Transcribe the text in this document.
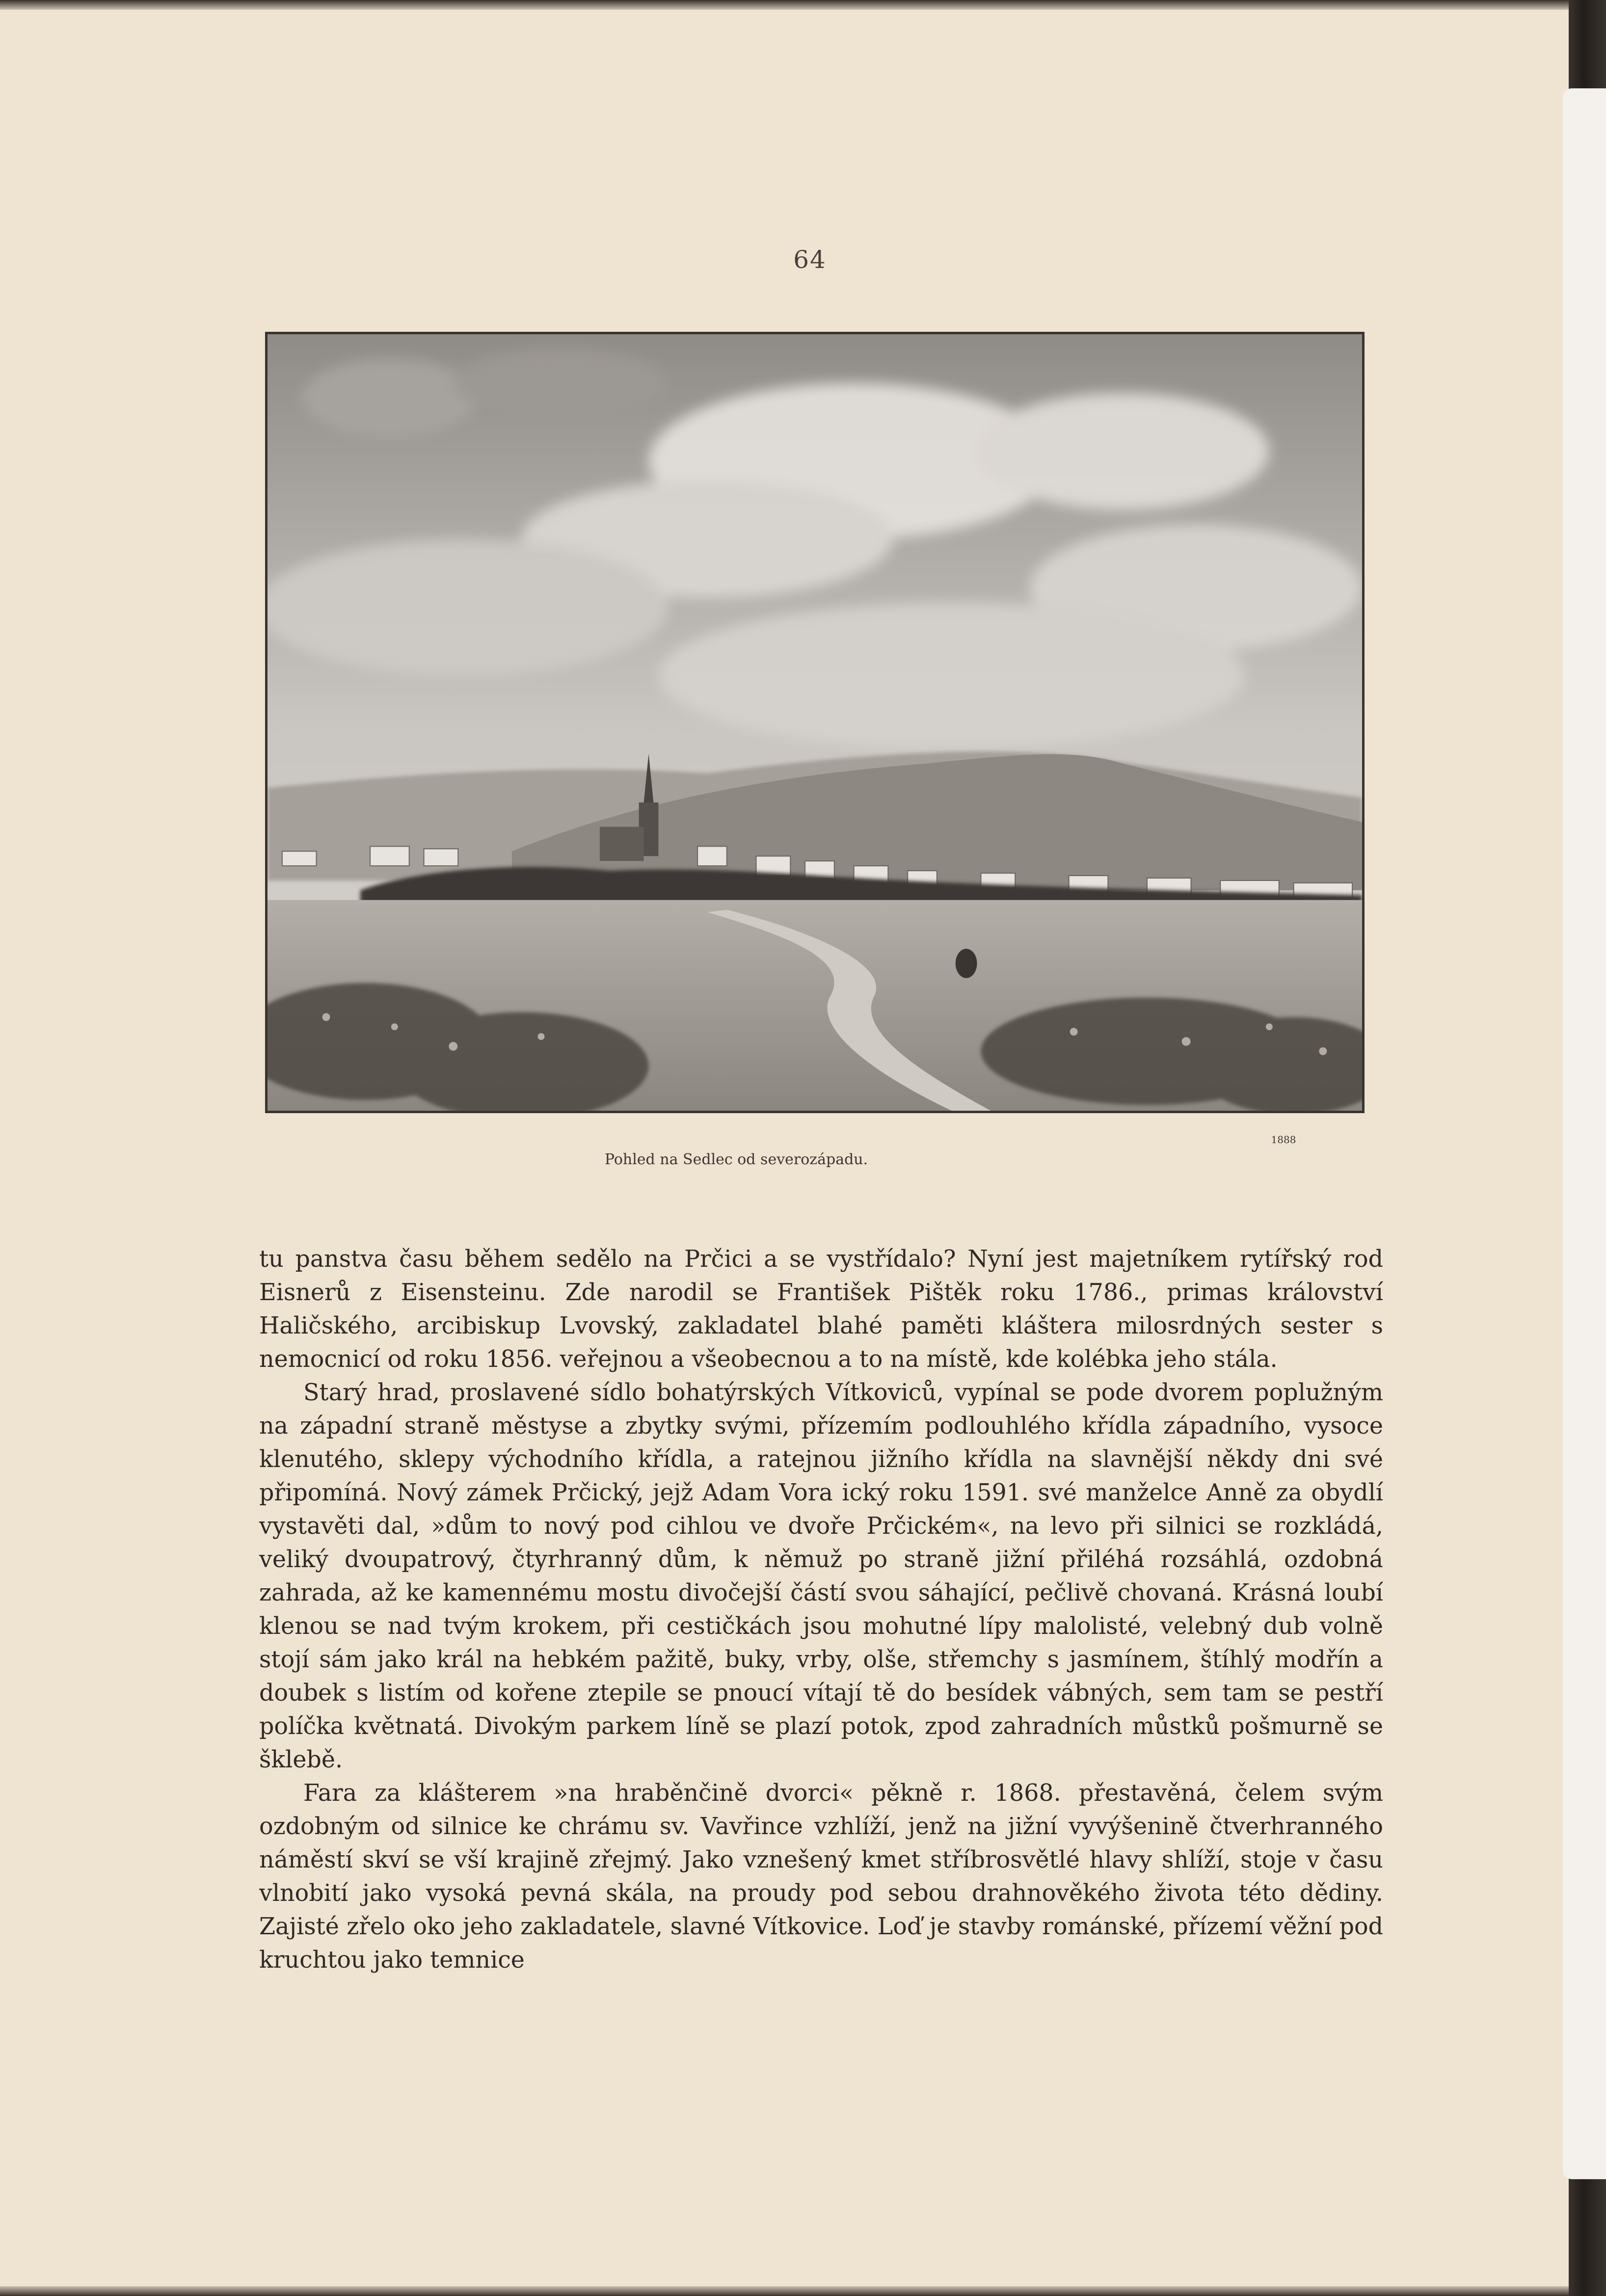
64
1888
Pohled na Sedlec od severozápadu.

tu panstva času během sedělo na Prčici a se vystřídalo? Nyní jest majetníkem rytířský rod Eisnerů z Eisensteinu. Zde narodil se František Pištěk roku 1786., primas království Haličského, arcibiskup Lvovský, zakladatel blahé paměti kláštera milosrdných sester s nemocnicí od roku 1856. veřejnou a všeobecnou a to na místě, kde kolébka jeho stála.

Starý hrad, proslavené sídlo bohatýrských Vítkoviců, vypínal se pode dvorem poplužným na západní straně městyse a zbytky svými, přízemím podlouhlého křídla západního, vysoce klenutého, sklepy východního křídla, a ratejnou jižního křídla na slavnější někdy dni své připomíná. Nový zámek Prčický, jejž Adam Vora ický roku 1591. své manželce Anně za obydlí vystavěti dal, »dům to nový pod cihlou ve dvoře Prčickém«, na levo při silnici se rozkládá, veliký dvoupatrový, čtyrhranný dům, k němuž po straně jižní přiléhá rozsáhlá, ozdobná zahrada, až ke kamennému mostu divočejší částí svou sáhající, pečlivě chovaná. Krásná loubí klenou se nad tvým krokem, při cestičkách jsou mohutné lípy malolisté, velebný dub volně stojí sám jako král na hebkém pažitě, buky, vrby, olše, střemchy s jasmínem, štíhlý modřín a doubek s listím od kořene ztepile se pnoucí vítají tě do besídek vábných, sem tam se pestří políčka květnatá. Divokým parkem líně se plazí potok, zpod zahradních můstků pošmurně se šklebě.

Fara za klášterem »na hraběnčině dvorci« pěkně r. 1868. přestavěná, čelem svým ozdobným od silnice ke chrámu sv. Vavřince vzhlíží, jenž na jižní vyvýšenině čtverhranného náměstí skví se vší krajině zřejmý. Jako vznešený kmet stříbrosvětlé hlavy shlíží, stoje v času vlnobití jako vysoká pevná skála, na proudy pod sebou drahnověkého života této dědiny. Zajisté zřelo oko jeho zakladatele, slavné Vítkovice. Loď je stavby románské, přízemí věžní pod kruchtou jako temnice
